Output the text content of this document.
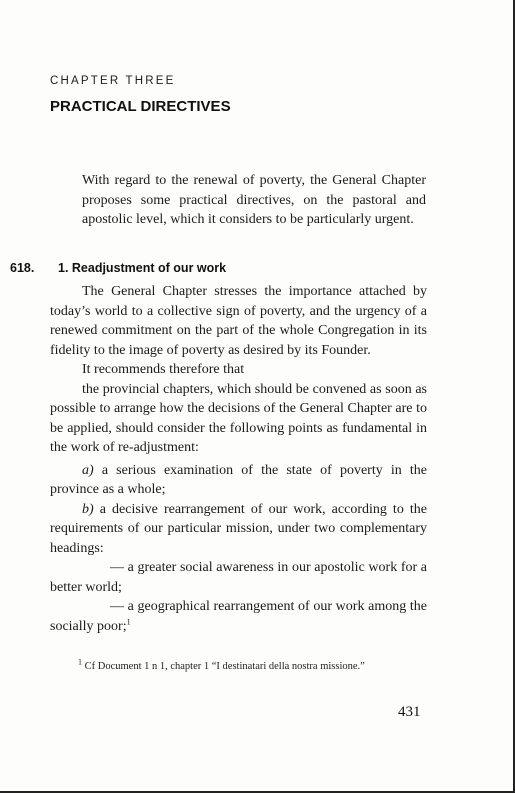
CHAPTER THREE
PRACTICAL DIRECTIVES

With regard to the renewal of poverty, the General Chapter proposes some practical directives, on the pastoral and apostolic level, which it considers to be particularly urgent.

618. 1. Readjustment of our work

The General Chapter stresses the importance attached by today’s world to a collective sign of poverty, and the urgency of a renewed commitment on the part of the whole Congregation in its fidelity to the image of poverty as desired by its Founder.

It recommends therefore that

the provincial chapters, which should be convened as soon as possible to arrange how the decisions of the General Chapter are to be applied, should consider the following points as fundamental in the work of re-adjustment:

a) a serious examination of the state of poverty in the province as a whole;

b) a decisive rearrangement of our work, according to the requirements of our particular mission, under two complementary headings:

— a greater social awareness in our apostolic work for a better world;

— a geographical rearrangement of our work among the socially poor;$^1$

$^1$ Cf Document 1 n 1, chapter 1 “I destinatari della nostra missione.”
431
